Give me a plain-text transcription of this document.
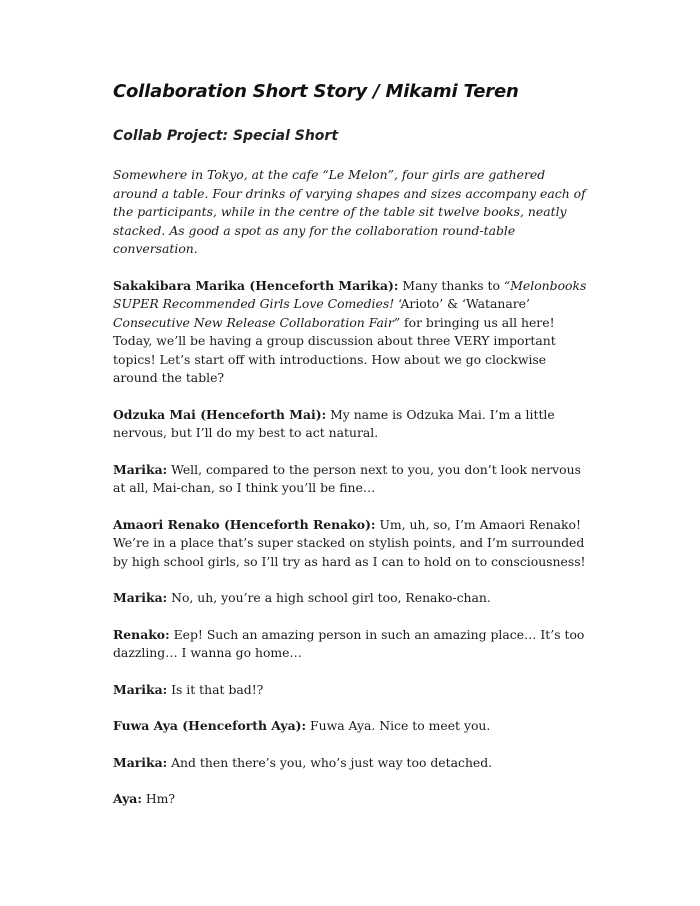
Collaboration Short Story / Mikami Teren
Collab Project: Special Short

Somewhere in Tokyo, at the cafe “Le Melon”, four girls are gathered around a table. Four drinks of varying shapes and sizes accompany each of the participants, while in the centre of the table sit twelve books, neatly stacked. As good a spot as any for the collaboration round-table conversation.

Sakakibara Marika (Henceforth Marika): Many thanks to “Melonbooks SUPER Recommended Girls Love Comedies! ‘Arioto’ & ‘Watanare’ Consecutive New Release Collaboration Fair” for bringing us all here! Today, we’ll be having a group discussion about three VERY important topics! Let’s start off with introductions. How about we go clockwise around the table?

Odzuka Mai (Henceforth Mai): My name is Odzuka Mai. I’m a little nervous, but I’ll do my best to act natural.

Marika: Well, compared to the person next to you, you don’t look nervous at all, Mai-chan, so I think you’ll be fine…

Amaori Renako (Henceforth Renako): Um, uh, so, I’m Amaori Renako! We’re in a place that’s super stacked on stylish points, and I’m surrounded by high school girls, so I’ll try as hard as I can to hold on to consciousness!

Marika: No, uh, you’re a high school girl too, Renako-chan.

Renako: Eep! Such an amazing person in such an amazing place… It’s too dazzling… I wanna go home…

Marika: Is it that bad!?

Fuwa Aya (Henceforth Aya): Fuwa Aya. Nice to meet you.

Marika: And then there’s you, who’s just way too detached.

Aya: Hm?
